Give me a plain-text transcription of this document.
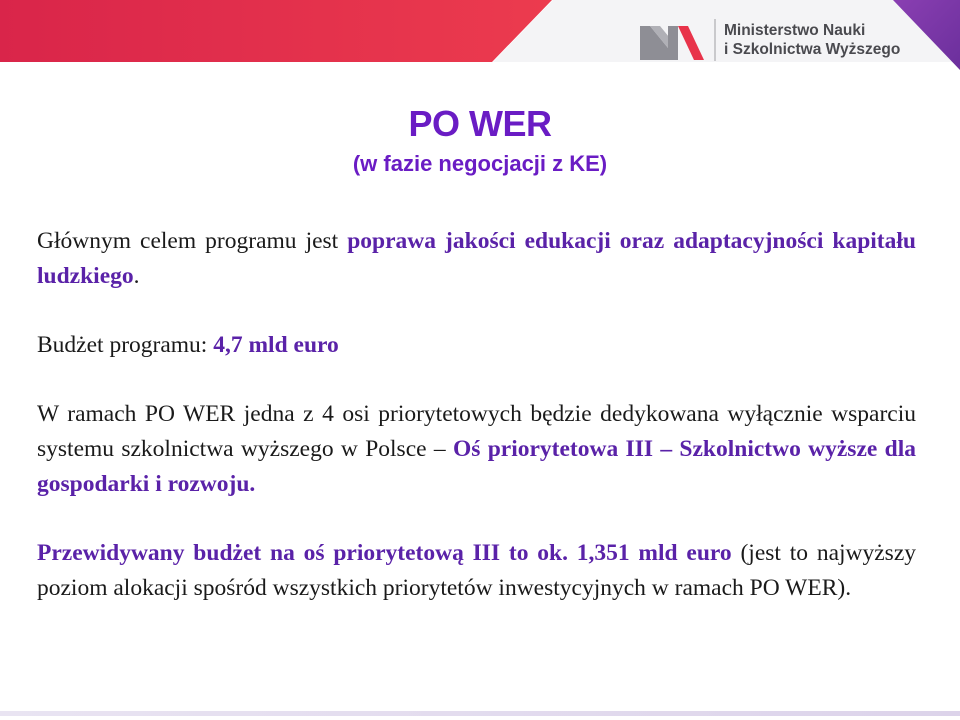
Ministerstwo Nauki
i Szkolnictwa Wyższego
PO WER
(w fazie negocjacji z KE)

Głównym celem programu jest poprawa jakości edukacji oraz adaptacyjności kapitału ludzkiego.

Budżet programu: 4,7 mld euro

W ramach PO WER jedna z 4 osi priorytetowych będzie dedykowana wyłącznie wsparciu systemu szkolnictwa wyższego w Polsce – Oś priorytetowa III – Szkolnictwo wyższe dla gospodarki i rozwoju.

Przewidywany budżet na oś priorytetową III to ok. 1,351 mld euro (jest to najwyższy poziom alokacji spośród wszystkich priorytetów inwestycyjnych w ramach PO WER).
